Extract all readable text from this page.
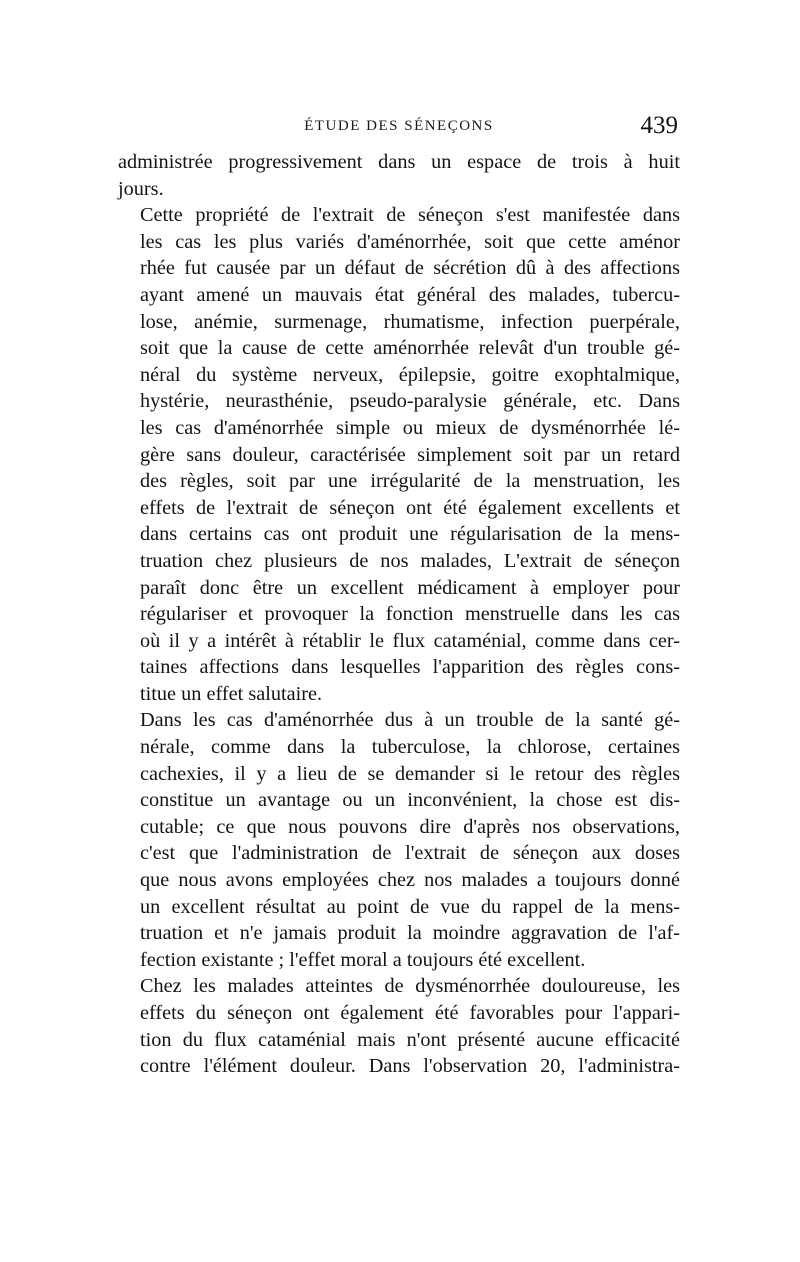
ÉTUDE DES SÉNEÇONS	439

administrée progressivement dans un espace de trois à huit
jours.

Cette propriété de l'extrait de séneçon s'est manifestée dans
les cas les plus variés d'aménorrhée, soit que cette aménor
rhée fut causée par un défaut de sécrétion dû à des affections
ayant amené un mauvais état général des malades, tubercu-
lose, anémie, surmenage, rhumatisme, infection puerpérale,
soit que la cause de cette aménorrhée relevât d'un trouble gé-
néral du système nerveux, épilepsie, goitre exophtalmique,
hystérie, neurasthénie, pseudo-paralysie générale, etc. Dans
les cas d'aménorrhée simple ou mieux de dysménorrhée lé-
gère sans douleur, caractérisée simplement soit par un retard
des règles, soit par une irrégularité de la menstruation, les
effets de l'extrait de séneçon ont été également excellents et
dans certains cas ont produit une régularisation de la mens-
truation chez plusieurs de nos malades, L'extrait de séneçon
paraît donc être un excellent médicament à employer pour
régulariser et provoquer la fonction menstruelle dans les cas
où il y a intérêt à rétablir le flux cataménial, comme dans cer-
taines affections dans lesquelles l'apparition des règles cons-
titue un effet salutaire.

Dans les cas d'aménorrhée dus à un trouble de la santé gé-
nérale, comme dans la tuberculose, la chlorose, certaines
cachexies, il y a lieu de se demander si le retour des règles
constitue un avantage ou un inconvénient, la chose est dis-
cutable; ce que nous pouvons dire d'après nos observations,
c'est que l'administration de l'extrait de séneçon aux doses
que nous avons employées chez nos malades a toujours donné
un excellent résultat au point de vue du rappel de la mens-
truation et n'e jamais produit la moindre aggravation de l'af-
fection existante ; l'effet moral a toujours été excellent.

Chez les malades atteintes de dysménorrhée douloureuse, les
effets du séneçon ont également été favorables pour l'appari-
tion du flux cataménial mais n'ont présenté aucune efficacité
contre l'élément douleur. Dans l'observation 20, l'administra-
